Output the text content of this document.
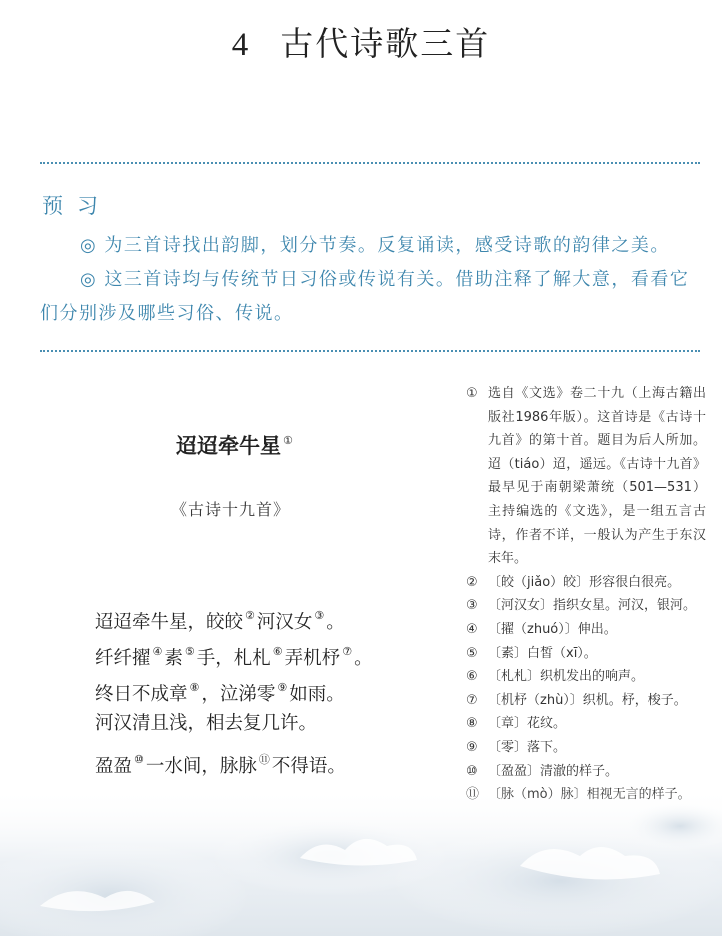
4 古代诗歌三首
预习
◎ 为三首诗找出韵脚，划分节奏。反复诵读，感受诗歌的韵律之美。
◎ 这三首诗均与传统节日习俗或传说有关。借助注释了解大意，看看它们分别涉及哪些习俗、传说。
迢迢牵牛星 ①
《古诗十九首》
迢迢牵牛星，皎皎 ② 河汉女 ③ 。
纤纤擢 ④ 素 ⑤ 手，札札 ⑥ 弄机杼 ⑦ 。
终日不成章 ⑧ ，泣涕零 ⑨ 如雨。
河汉清且浅，相去复几许。
盈盈 ⑩ 一水间，脉脉 ⑪ 不得语。
① 选自《文选》卷二十九（上海古籍出版社1986年版）。这首诗是《古诗十九首》的第十首。题目为后人所加。迢（tiáo）迢，遥远。《古诗十九首》最早见于南朝梁萧统（501—531）主持编选的《文选》，是一组五言古诗，作者不详，一般认为产生于东汉末年。
② 〔皎（jiǎo）皎〕形容很白很亮。
③ 〔河汉女〕指织女星。河汉，银河。
④ 〔擢（zhuó）〕伸出。
⑤ 〔素〕白皙（xī）。
⑥ 〔札札〕织机发出的响声。
⑦ 〔机杼（zhù）〕织机。杼，梭子。
⑧ 〔章〕花纹。
⑨ 〔零〕落下。
⑩ 〔盈盈〕清澈的样子。
